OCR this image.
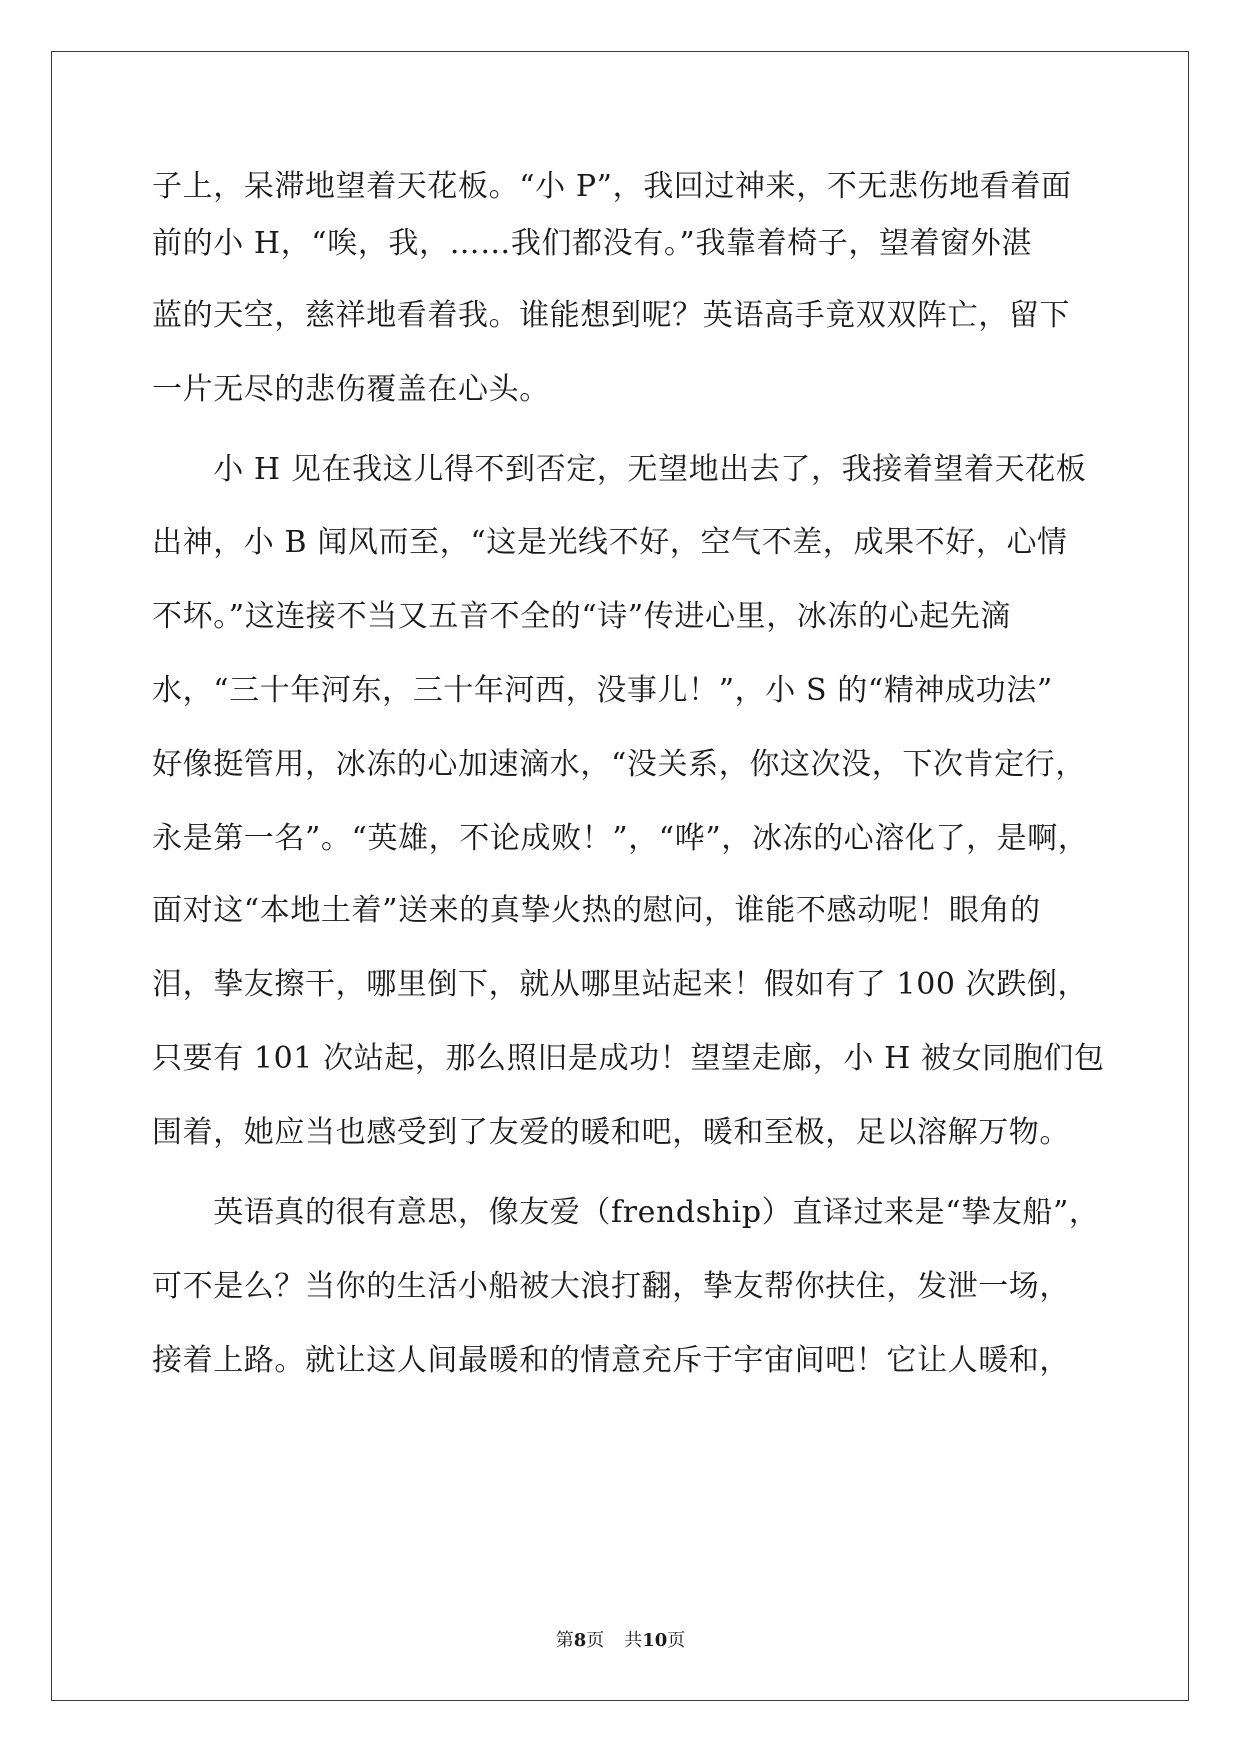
子上，呆滞地望着天花板。“小 P”，我回过神来，不无悲伤地看着面
前的小 H，“唉，我，……我们都没有。”我靠着椅子，望着窗外湛
蓝的天空，慈祥地看着我。谁能想到呢？英语高手竟双双阵亡，留下
一片无尽的悲伤覆盖在心头。
　　小 H 见在我这儿得不到否定，无望地出去了，我接着望着天花板
出神，小 B 闻风而至，“这是光线不好，空气不差，成果不好，心情
不坏。”这连接不当又五音不全的“诗”传进心里，冰冻的心起先滴
水，“三十年河东，三十年河西，没事儿！”，小 S 的“精神成功法”
好像挺管用，冰冻的心加速滴水，“没关系，你这次没，下次肯定行，
永是第一名”。“英雄，不论成败！”，“哗”，冰冻的心溶化了，是啊，
面对这“本地土着”送来的真挚火热的慰问，谁能不感动呢！眼角的
泪，挚友擦干，哪里倒下，就从哪里站起来！假如有了 100 次跌倒，
只要有 101 次站起，那么照旧是成功！望望走廊，小 H 被女同胞们包
围着，她应当也感受到了友爱的暖和吧，暖和至极，足以溶解万物。
　　英语真的很有意思，像友爱（frendship）直译过来是“挚友船”，
可不是么？当你的生活小船被大浪打翻，挚友帮你扶住，发泄一场，
接着上路。就让这人间最暖和的情意充斥于宇宙间吧！它让人暖和，
第8页 共10页
